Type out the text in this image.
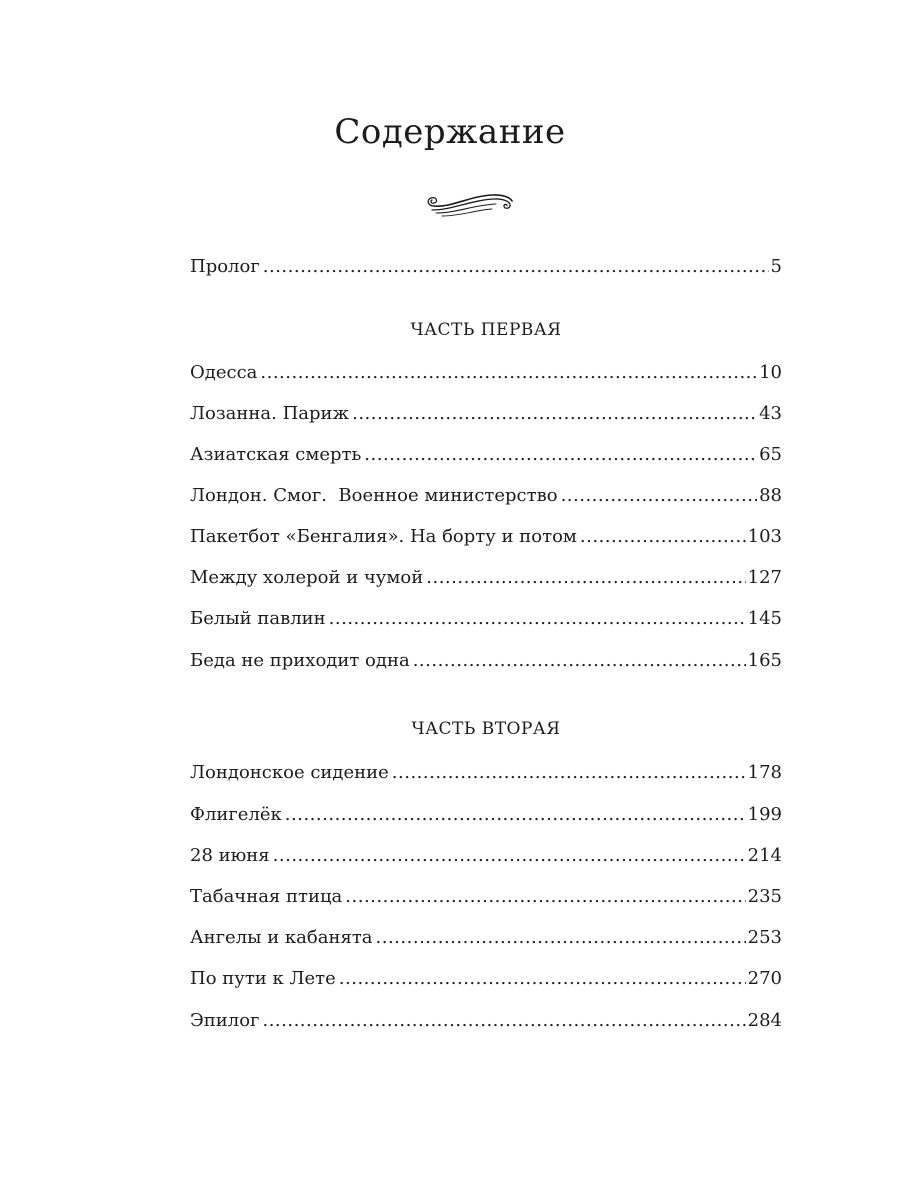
Содержание
Пролог .....	5
ЧАСТЬ ПЕРВАЯ
Одесса .....	10
Лозанна. Париж .....	43
Азиатская смерть .....	65
Лондон. Смог.  Военное министерство .....	88
Пакетбот «Бенгалия». На борту и потом .....	103
Между холерой и чумой .....	127
Белый павлин .....	145
Беда не приходит одна .....	165
ЧАСТЬ ВТОРАЯ
Лондонское сидение .....	178
Флигелёк .....	199
28 июня .....	214
Табачная птица .....	235
Ангелы и кабанята .....	253
По пути к Лете .....	270
Эпилог .....	284
